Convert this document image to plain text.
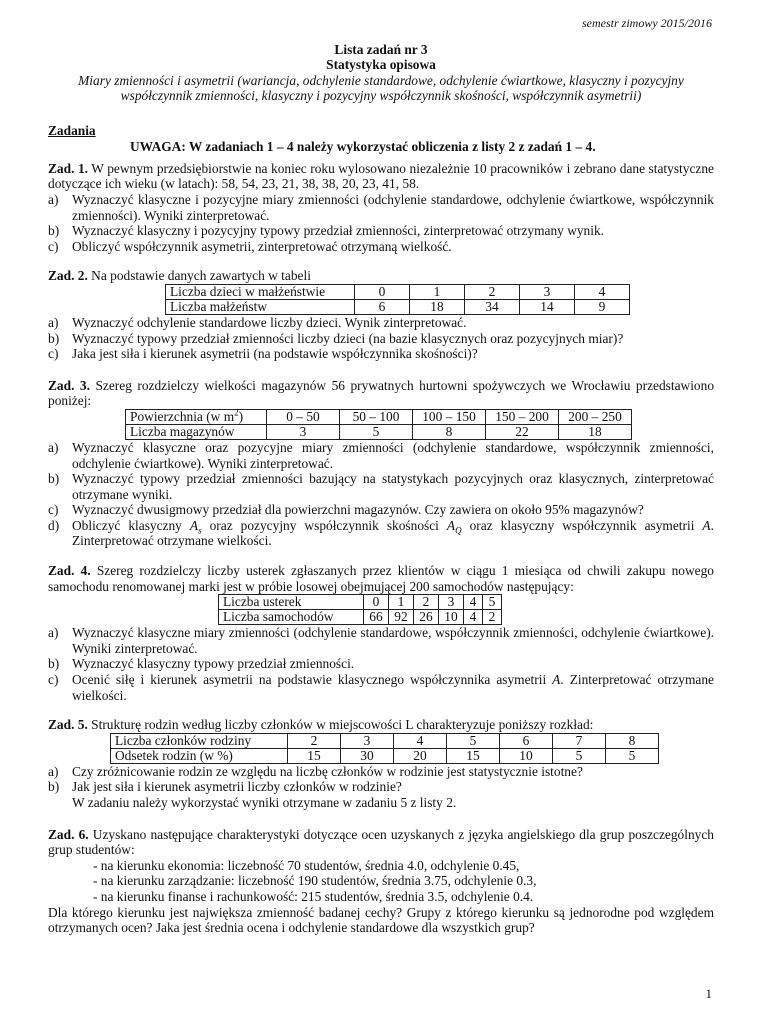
semestr zimowy 2015/2016
Lista zadań nr 3
Statystyka opisowa
Miary zmienności i asymetrii (wariancja, odchylenie standardowe, odchylenie ćwiartkowe, klasyczny i pozycyjny współczynnik zmienności, klasyczny i pozycyjny współczynnik skośności, współczynnik asymetrii)
Zadania
UWAGA: W zadaniach 1 – 4 należy wykorzystać obliczenia z listy 2 z zadań 1 – 4.

Zad. 1. W pewnym przedsiębiorstwie na koniec roku wylosowano niezależnie 10 pracowników i zebrano dane statystyczne dotyczące ich wieku (w latach): 58, 54, 23, 21, 38, 38, 20, 23, 41, 58.

a)	Wyznaczyć klasyczne i pozycyjne miary zmienności (odchylenie standardowe, odchylenie ćwiartkowe, współczynnik zmienności). Wyniki zinterpretować.
b) Wyznaczyć klasyczny i pozycyjny typowy przedział zmienności, zinterpretować otrzymany wynik.
c)	Obliczyć współczynnik asymetrii, zinterpretować otrzymaną wielkość.

Zad. 2. Na podstawie danych zawartych w tabeli

Liczba dzieci w małżeństwie	0	1	2	3	4
Liczba małżeństw	6	18	34	14	9
a)	Wyznaczyć odchylenie standardowe liczby dzieci. Wynik zinterpretować.
b) Wyznaczyć typowy przedział zmienności liczby dzieci (na bazie klasycznych oraz pozycyjnych miar)?
c)	Jaka jest siła i kierunek asymetrii (na podstawie współczynnika skośności)?

Zad. 3. Szereg rozdzielczy wielkości magazynów 56 prywatnych hurtowni spożywczych we Wrocławiu przedstawiono poniżej:

Powierzchnia (w $m^2$)	0 – 50	50 – 100	100 – 150	150 – 200	200 – 250
Liczba magazynów	3	5	8	22	18
a)	Wyznaczyć klasyczne oraz pozycyjne miary zmienności (odchylenie standardowe, współczynnik zmienności, odchylenie ćwiartkowe). Wyniki zinterpretować.
b) Wyznaczyć typowy przedział zmienności bazujący na statystykach pozycyjnych oraz klasycznych, zinterpretować otrzymane wyniki.
c)	Wyznaczyć dwusigmowy przedział dla powierzchni magazynów. Czy zawiera on około 95% magazynów?
d) Obliczyć klasyczny $A_s$ oraz pozycyjny współczynnik skośności $A_Q$ oraz klasyczny współczynnik asymetrii A. Zinterpretować otrzymane wielkości.

Zad. 4. Szereg rozdzielczy liczby usterek zgłaszanych przez klientów w ciągu 1 miesiąca od chwili zakupu nowego samochodu renomowanej marki jest w próbie losowej obejmującej 200 samochodów następujący:

Liczba usterek	0	1	2	3	4	5
Liczba samochodów	66	92	26	10	4	2
a)	Wyznaczyć klasyczne miary zmienności (odchylenie standardowe, współczynnik zmienności, odchylenie ćwiartkowe). Wyniki zinterpretować.
b) Wyznaczyć klasyczny typowy przedział zmienności.
c)	Ocenić siłę i kierunek asymetrii na podstawie klasycznego współczynnika asymetrii A. Zinterpretować otrzymane wielkości.

Zad. 5. Strukturę rodzin według liczby członków w miejscowości L charakteryzuje poniższy rozkład:

Liczba członków rodziny	2	3	4	5	6	7	8
Odsetek rodzin (w %)	15	30	20	15	10	5	5
a)	Czy zróżnicowanie rodzin ze względu na liczbę członków w rodzinie jest statystycznie istotne?
b) Jak jest siła i kierunek asymetrii liczby członków w rodzinie?
W zadaniu należy wykorzystać wyniki otrzymane w zadaniu 5 z listy 2.

Zad. 6. Uzyskano następujące charakterystyki dotyczące ocen uzyskanych z języka angielskiego dla grup poszczególnych grup studentów:

- na kierunku ekonomia: liczebność 70 studentów, średnia 4.0, odchylenie 0.45,
- na kierunku zarządzanie: liczebność 190 studentów, średnia 3.75, odchylenie 0.3,
- na kierunku finanse i rachunkowość: 215 studentów, średnia 3.5, odchylenie 0.4.

Dla którego kierunku jest największa zmienność badanej cechy? Grupy z którego kierunku są jednorodne pod względem otrzymanych ocen? Jaka jest średnia ocena i odchylenie standardowe dla wszystkich grup?

1
